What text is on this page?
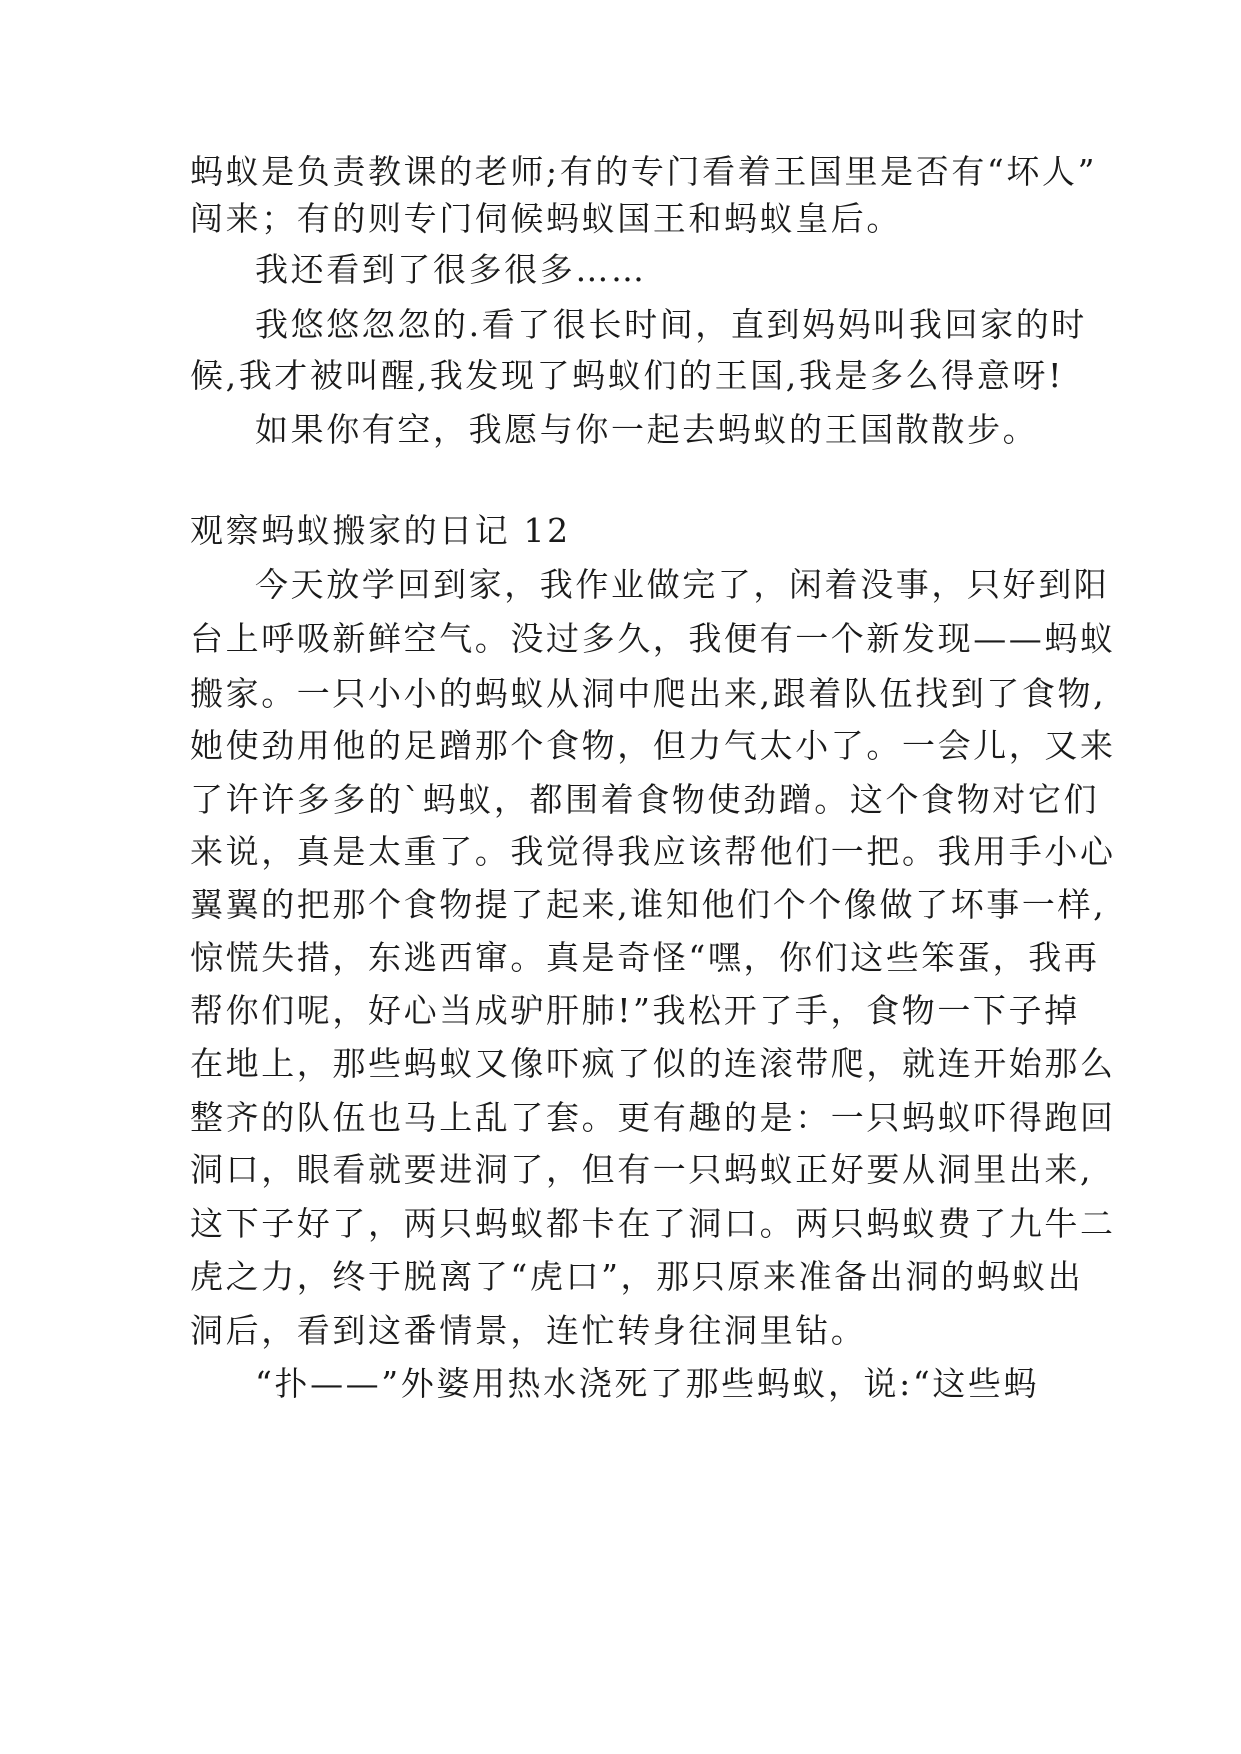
蚂蚁是负责教课的老师;有的专门看着王国里是否有“坏人”
闯来；有的则专门伺候蚂蚁国王和蚂蚁皇后。
我还看到了很多很多……
我悠悠忽忽的.看了很长时间，直到妈妈叫我回家的时
候,我才被叫醒,我发现了蚂蚁们的王国,我是多么得意呀!
如果你有空，我愿与你一起去蚂蚁的王国散散步。
观察蚂蚁搬家的日记 12
今天放学回到家，我作业做完了，闲着没事，只好到阳
台上呼吸新鲜空气。没过多久，我便有一个新发现——蚂蚁
搬家。一只小小的蚂蚁从洞中爬出来,跟着队伍找到了食物,
她使劲用他的足蹭那个食物，但力气太小了。一会儿，又来
了许许多多的`蚂蚁，都围着食物使劲蹭。这个食物对它们
来说，真是太重了。我觉得我应该帮他们一把。我用手小心
翼翼的把那个食物提了起来,谁知他们个个像做了坏事一样,
惊慌失措，东逃西窜。真是奇怪“嘿，你们这些笨蛋，我再
帮你们呢，好心当成驴肝肺!”我松开了手，食物一下子掉
在地上，那些蚂蚁又像吓疯了似的连滚带爬，就连开始那么
整齐的队伍也马上乱了套。更有趣的是：一只蚂蚁吓得跑回
洞口，眼看就要进洞了，但有一只蚂蚁正好要从洞里出来,
这下子好了，两只蚂蚁都卡在了洞口。两只蚂蚁费了九牛二
虎之力，终于脱离了“虎口”，那只原来准备出洞的蚂蚁出
洞后，看到这番情景，连忙转身往洞里钻。
“扑——”外婆用热水浇死了那些蚂蚁，说:“这些蚂
